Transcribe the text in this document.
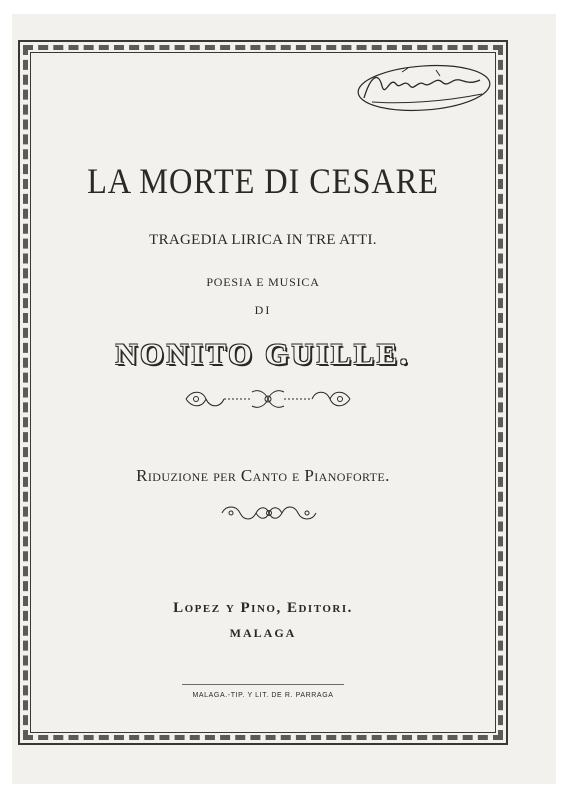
LA MORTE DI CESARE
TRAGEDIA LIRICA IN TRE ATTI.
POESIA E MUSICA
DI
NONITO GUILLE.
Riduzione per Canto e Pianoforte.
Lopez y Pino, Editori.
MALAGA
MALAGA.-TIP. Y LIT. DE R. PARRAGA
